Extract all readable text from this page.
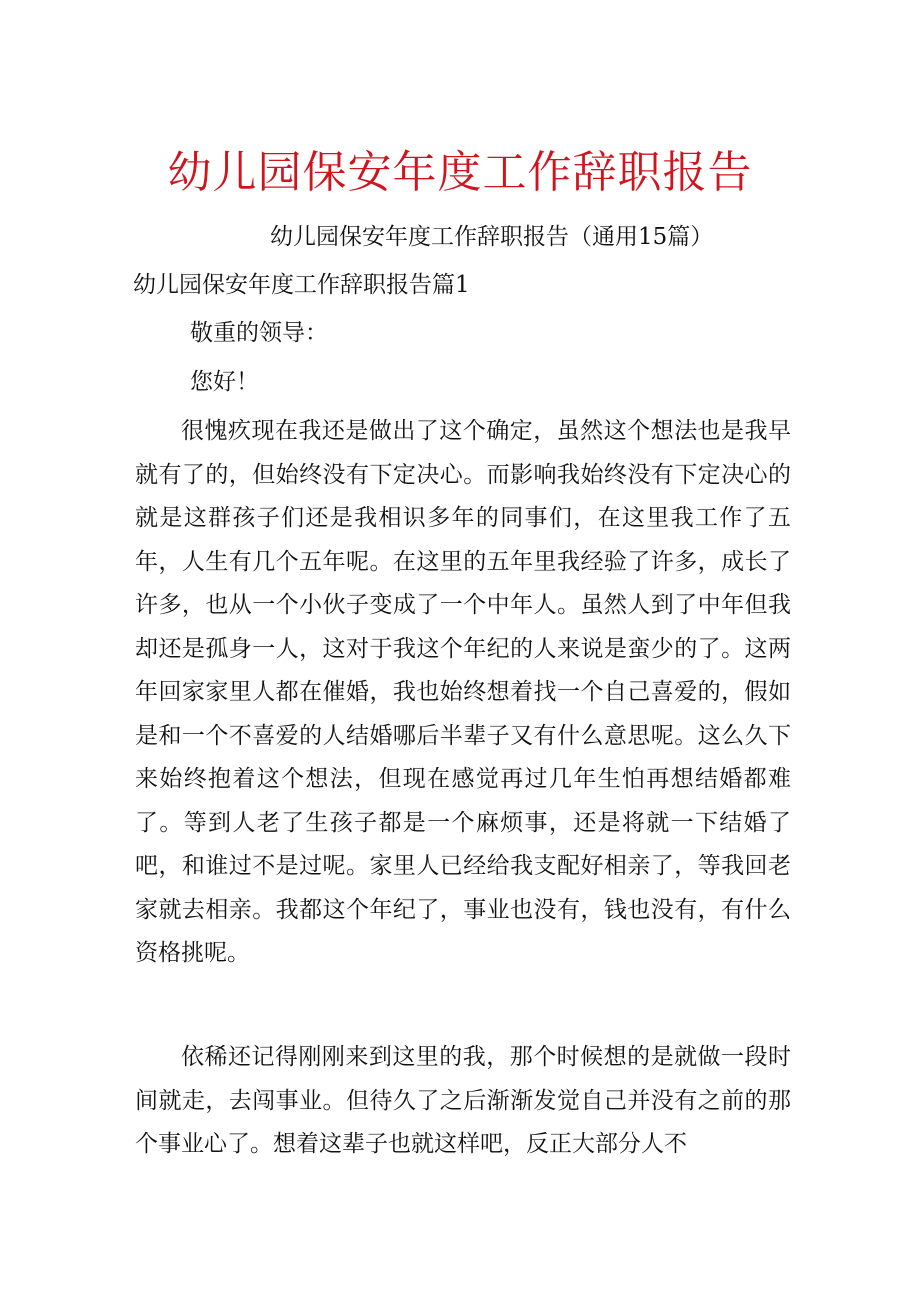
幼儿园保安年度工作辞职报告
幼儿园保安年度工作辞职报告（通用15篇）
幼儿园保安年度工作辞职报告篇1
敬重的领导：
您好！
很愧疚现在我还是做出了这个确定，虽然这个想法也是我早就有了的，但始终没有下定决心。而影响我始终没有下定决心的就是这群孩子们还是我相识多年的同事们，在这里我工作了五年，人生有几个五年呢。在这里的五年里我经验了许多，成长了许多，也从一个小伙子变成了一个中年人。虽然人到了中年但我却还是孤身一人，这对于我这个年纪的人来说是蛮少的了。这两年回家家里人都在催婚，我也始终想着找一个自己喜爱的，假如是和一个不喜爱的人结婚哪后半辈子又有什么意思呢。这么久下来始终抱着这个想法，但现在感觉再过几年生怕再想结婚都难了。等到人老了生孩子都是一个麻烦事，还是将就一下结婚了吧，和谁过不是过呢。家里人已经给我支配好相亲了，等我回老家就去相亲。我都这个年纪了，事业也没有，钱也没有，有什么资格挑呢。
依稀还记得刚刚来到这里的我，那个时候想的是就做一段时间就走，去闯事业。但待久了之后渐渐发觉自己并没有之前的那个事业心了。想着这辈子也就这样吧，反正大部分人不
